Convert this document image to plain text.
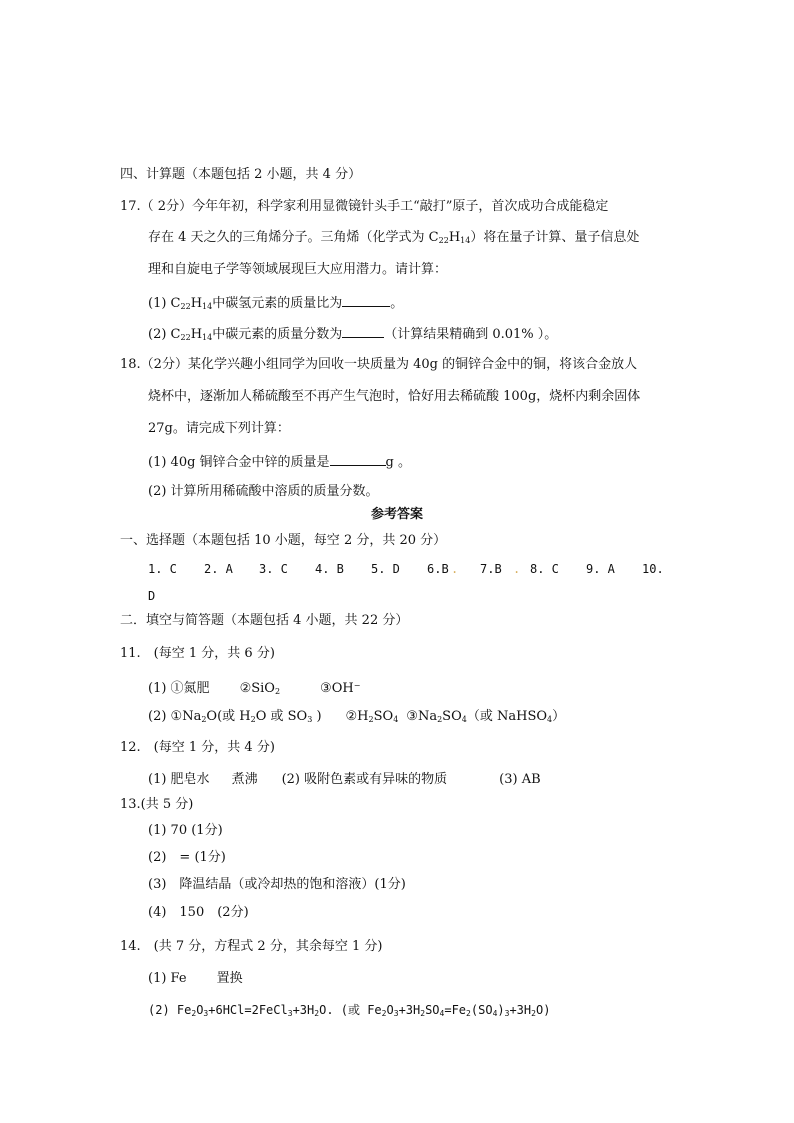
四、计算题（本题包括 2 小题，共 4 分）
17.（ 2分）今年年初，科学家利用显微镜针头手工“敲打”原子，首次成功合成能稳定
存在 4 天之久的三角烯分子。三角烯（化学式为 $C_{22}H_{14}$）将在量子计算、量子信息处
理和自旋电子学等领域展现巨大应用潜力。请计算：
(1) $C_{22}H_{14}$中碳氢元素的质量比为	。
(2) $C_{22}H_{14}$中碳元素的质量分数为	（计算结果精确到 0.01% ）。
18.（2分）某化学兴趣小组同学为回收一块质量为 40g 的铜锌合金中的铜，将该合金放人
烧杯中，逐渐加人稀硫酸至不再产生气泡时，恰好用去稀硫酸 100g，烧杯内剩余固体
27g。请完成下列计算：
(1) 40g 铜锌合金中锌的质量是	g 。
(2) 计算所用稀硫酸中溶质的质量分数。
参考答案
一、选择题（本题包括 10 小题，每空 2 分，共 20 分）
1. C 2. A 3. C 4. B 5. D 6.B . 7.B . 8. C 9. A 10.
D
二．填空与简答题（本题包括 4 小题，共 22 分）
11.　(每空 1 分，共 6 分)
(1) ①氮肥 ②SiO$_2$	③OH−
(2) $①Na_2O$(或 $H_2O$ 或 $SO_3$ ) $②H_2SO_4$ $③Na_2SO_4$（或 NaHSO$_4$）
12.　(每空 1 分，共 4 分)
(1) 肥皂水 煮沸 (2) 吸附色素或有异味的物质	(3) AB
13.(共 5 分)
(1) 70 (1分)
(2)　= (1分)
(3)　降温结晶（或冷却热的饱和溶液）(1分)
(4)　150　(2分)
14.　(共 7 分，方程式 2 分，其余每空 1 分)
(1) Fe 置换
(2) $Fe_2O_3+6HCl=2FeCl_3+3H_2O$. (或 $Fe_2O_3+3H_2SO_4=Fe_2(SO_4)_3+3H_2O$)
